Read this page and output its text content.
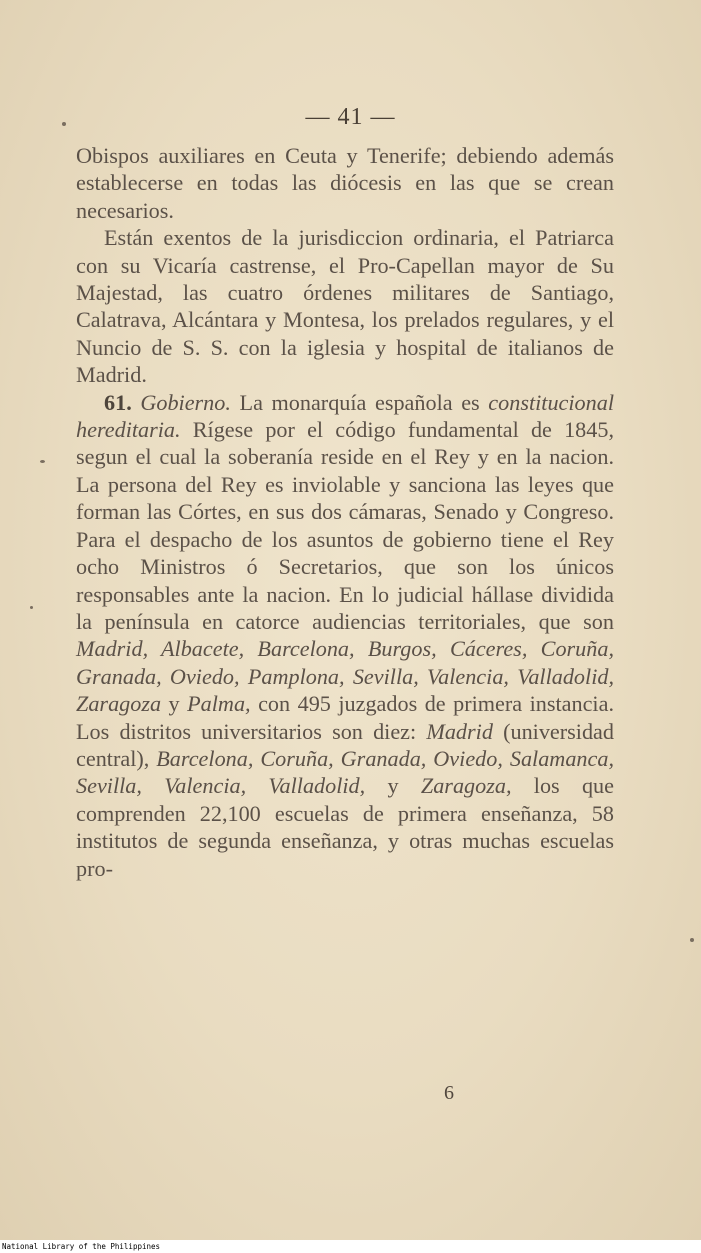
— 41 —

Obispos auxiliares en Ceuta y Tenerife; debiendo además establecerse en todas las diócesis en las que se crean necesarios.

Están exentos de la jurisdiccion ordinaria, el Patriarca con su Vicaría castrense, el Pro-Capellan mayor de Su Majestad, las cuatro órdenes militares de Santiago, Calatrava, Alcántara y Montesa, los prelados regulares, y el Nuncio de S. S. con la iglesia y hospital de italianos de Madrid.

61. Gobierno. La monarquía española es constitucional hereditaria. Rígese por el código fundamental de 1845, segun el cual la soberanía reside en el Rey y en la nacion. La persona del Rey es inviolable y sanciona las leyes que forman las Córtes, en sus dos cámaras, Senado y Congreso. Para el despacho de los asuntos de gobierno tiene el Rey ocho Ministros ó Secretarios, que son los únicos responsables ante la nacion. En lo judicial hállase dividida la península en catorce audiencias territoriales, que son Madrid, Albacete, Barcelona, Burgos, Cáceres, Coruña, Granada, Oviedo, Pamplona, Sevilla, Valencia, Valladolid, Zaragoza y Palma, con 495 juzgados de primera instancia. Los distritos universitarios son diez: Madrid (universidad central), Barcelona, Coruña, Granada, Oviedo, Salamanca, Sevilla, Valencia, Valladolid, y Zaragoza, los que comprenden 22,100 escuelas de primera enseñanza, 58 institutos de segunda enseñanza, y otras muchas escuelas pro-

6
National Library of the Philippines
